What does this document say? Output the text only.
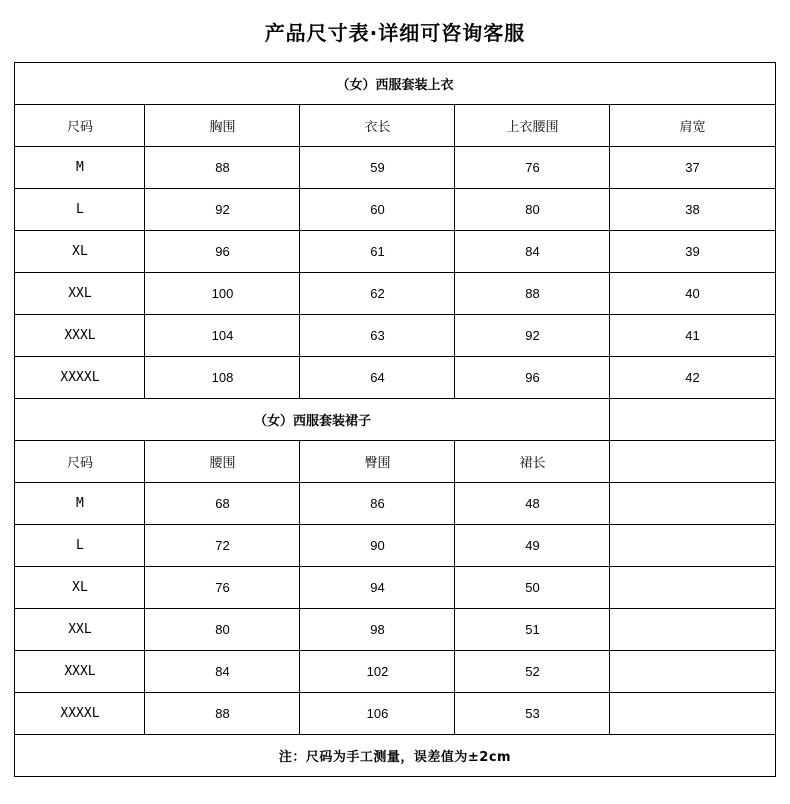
产品尺寸表·详细可咨询客服
（女）西服套装上衣				
尺码	胸围	衣长	上衣腰围	肩宽
M	88	59	76	37
L	92	60	80	38
XL	96	61	84	39
XXL	100	62	88	40
XXXL	104	63	92	41
XXXXL	108	64	96	42
（女）西服套装裙子				
尺码	腰围	臀围	裙长	
M	68	86	48	
L	72	90	49	
XL	76	94	50	
XXL	80	98	51	
XXXL	84	102	52	
XXXXL	88	106	53	
注：尺码为手工测量，误差值为±2cm				
